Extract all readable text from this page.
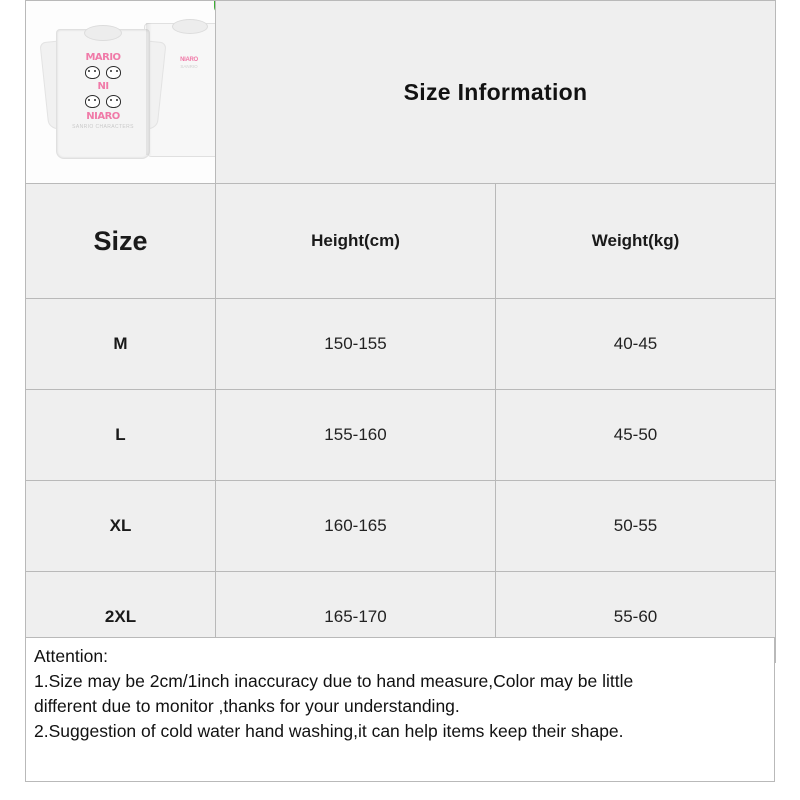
NIARO
SANRIO
MARIO

NI

NIARO
SANRIO CHARACTERS
	Size Information
Size	Height(cm)	Weight(kg)
M	150-155	40-45
L	155-160	45-50
XL	160-165	50-55
2XL	165-170	55-60

Attention:

1.Size may be 2cm/1inch inaccuracy due to hand measure,Color may be little

different due to monitor ,thanks for your understanding.

2.Suggestion of cold water hand washing,it can help items keep their shape.
